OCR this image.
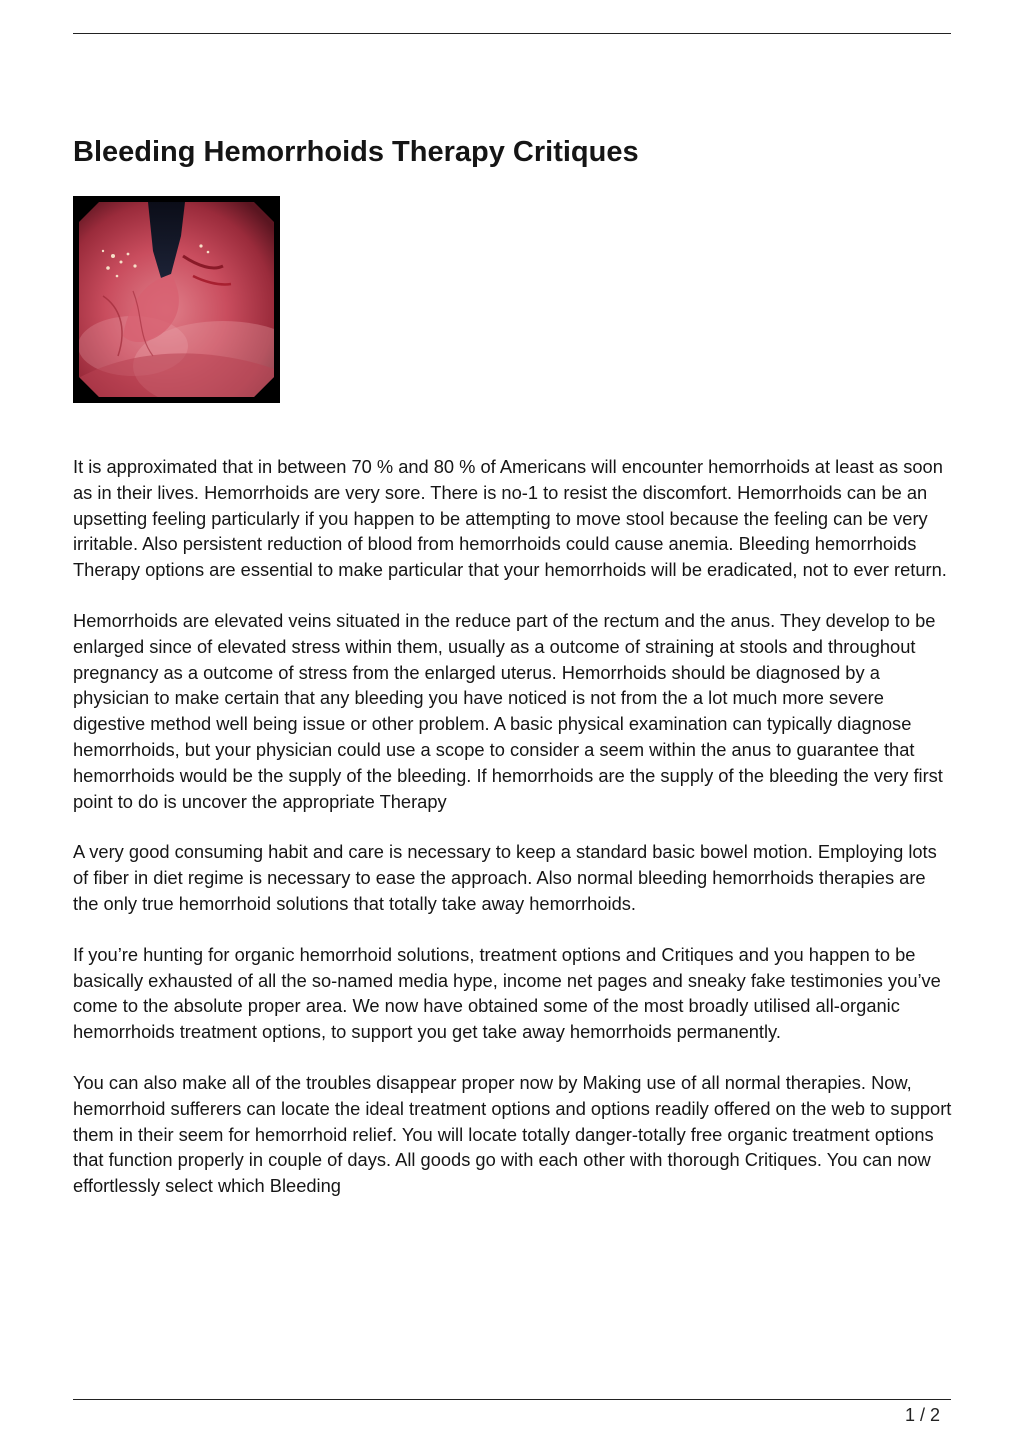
Bleeding Hemorrhoids Therapy Critiques

It is approximated that in between 70 % and 80 % of Americans will encounter hemorrhoids at least as soon as in their lives. Hemorrhoids are very sore. There is no-1 to resist the discomfort. Hemorrhoids can be an upsetting feeling particularly if you happen to be attempting to move stool because the feeling can be very irritable. Also persistent reduction of blood from hemorrhoids could cause anemia. Bleeding hemorrhoids Therapy options are essential to make particular that your hemorrhoids will be eradicated, not to ever return.

Hemorrhoids are elevated veins situated in the reduce part of the rectum and the anus. They develop to be enlarged since of elevated stress within them, usually as a outcome of straining at stools and throughout pregnancy as a outcome of stress from the enlarged uterus. Hemorrhoids should be diagnosed by a physician to make certain that any bleeding you have noticed is not from the a lot much more severe digestive method well being issue or other problem. A basic physical examination can typically diagnose hemorrhoids, but your physician could use a scope to consider a seem within the anus to guarantee that hemorrhoids would be the supply of the bleeding. If hemorrhoids are the supply of the bleeding the very first point to do is uncover the appropriate Therapy

A very good consuming habit and care is necessary to keep a standard basic bowel motion. Employing lots of fiber in diet regime is necessary to ease the approach. Also normal bleeding hemorrhoids therapies are the only true hemorrhoid solutions that totally take away hemorrhoids.

If you’re hunting for organic hemorrhoid solutions, treatment options and Critiques and you happen to be basically exhausted of all the so-named media hype, income net pages and sneaky fake testimonies you’ve come to the absolute proper area. We now have obtained some of the most broadly utilised all-organic hemorrhoids treatment options, to support you get take away hemorrhoids permanently.

You can also make all of the troubles disappear proper now by Making use of all normal therapies. Now, hemorrhoid sufferers can locate the ideal treatment options and options readily offered on the web to support them in their seem for hemorrhoid relief. You will locate totally danger-totally free organic treatment options that function properly in couple of days. All goods go with each other with thorough Critiques. You can now effortlessly select which Bleeding

1 / 2
